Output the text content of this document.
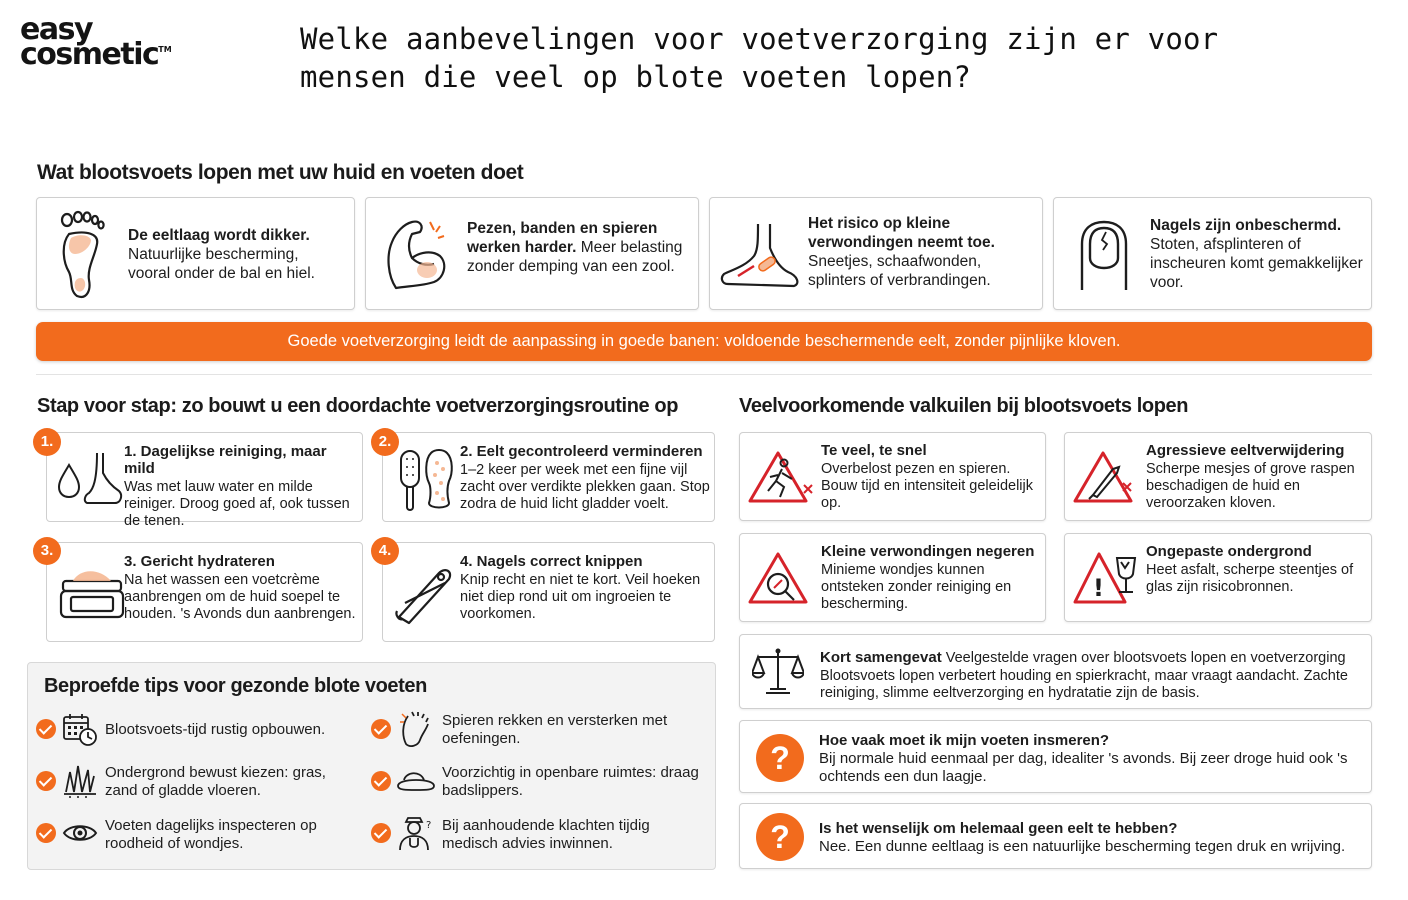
easy
cosmetic™	Welke aanbevelingen voor voetverzorging zijn er voor mensen die veel op blote voeten lopen?
Wat blootsvoets lopen met uw huid en voeten doet
De eeltlaag wordt dikker.
Natuurlijke bescherming, vooral onder de bal en hiel.
Pezen, banden en spieren werken harder. Meer belasting zonder demping van een zool.
Het risico op kleine verwondingen neemt toe.
Sneetjes, schaafwonden, splinters of verbrandingen.
Nagels zijn onbeschermd.
Stoten, afsplinteren of inscheuren komt gemakkelijker voor.
Goede voetverzorging leidt de aanpassing in goede banen: voldoende beschermende eelt, zonder pijnlijke kloven.
Stap voor stap: zo bouwt u een doordachte voetverzorgingsroutine op
1. Dagelijkse reiniging, maar mild
Was met lauw water en milde reiniger. Droog goed af, ook tussen de tenen.
1.
2. Eelt gecontroleerd verminderen
1–2 keer per week met een fijne vijl zacht over verdikte plekken gaan. Stop zodra de huid licht gladder voelt.
2.
3. Gericht hydrateren
Na het wassen een voetcrème aanbrengen om de huid soepel te houden. 's Avonds dun aanbrengen.
3.
4. Nagels correct knippen
Knip recht en niet te kort. Veil hoeken niet diep rond uit om ingroeien te voorkomen.
4.
Beproefde tips voor gezonde blote voeten
Blootsvoets-tijd rustig opbouwen.
Spieren rekken en versterken met oefeningen.
Ondergrond bewust kiezen: gras, zand of gladde vloeren.
Voorzichtig in openbare ruimtes: draag badslippers.
Voeten dagelijks inspecteren op roodheid of wondjes.
? Bij aanhoudende klachten tijdig medisch advies inwinnen.
Veelvoorkomende valkuilen bij blootsvoets lopen
Te veel, te snel
Overbelost pezen en spieren. Bouw tijd en intensiteit geleidelijk op.
Agressieve eeltverwijdering
Scherpe mesjes of grove raspen beschadigen de huid en veroorzaken kloven.
Kleine verwondingen negeren
Minieme wondjes kunnen ontsteken zonder reiniging en bescherming.
!
Ongepaste ondergrond
Heet asfalt, scherpe steentjes of glas zijn risicobronnen.
Kort samengevat Veelgestelde vragen over blootsvoets lopen en voetverzorging
Blootsvoets lopen verbetert houding en spierkracht, maar vraagt aandacht. Zachte reiniging, slimme eeltverzorging en hydratatie zijn de basis.
?	Hoe vaak moet ik mijn voeten insmeren?
Bij normale huid eenmaal per dag, idealiter 's avonds. Bij zeer droge huid ook 's ochtends een dun laagje.
?	Is het wenselijk om helemaal geen eelt te hebben?
Nee. Een dunne eeltlaag is een natuurlijke bescherming tegen druk en wrijving.
